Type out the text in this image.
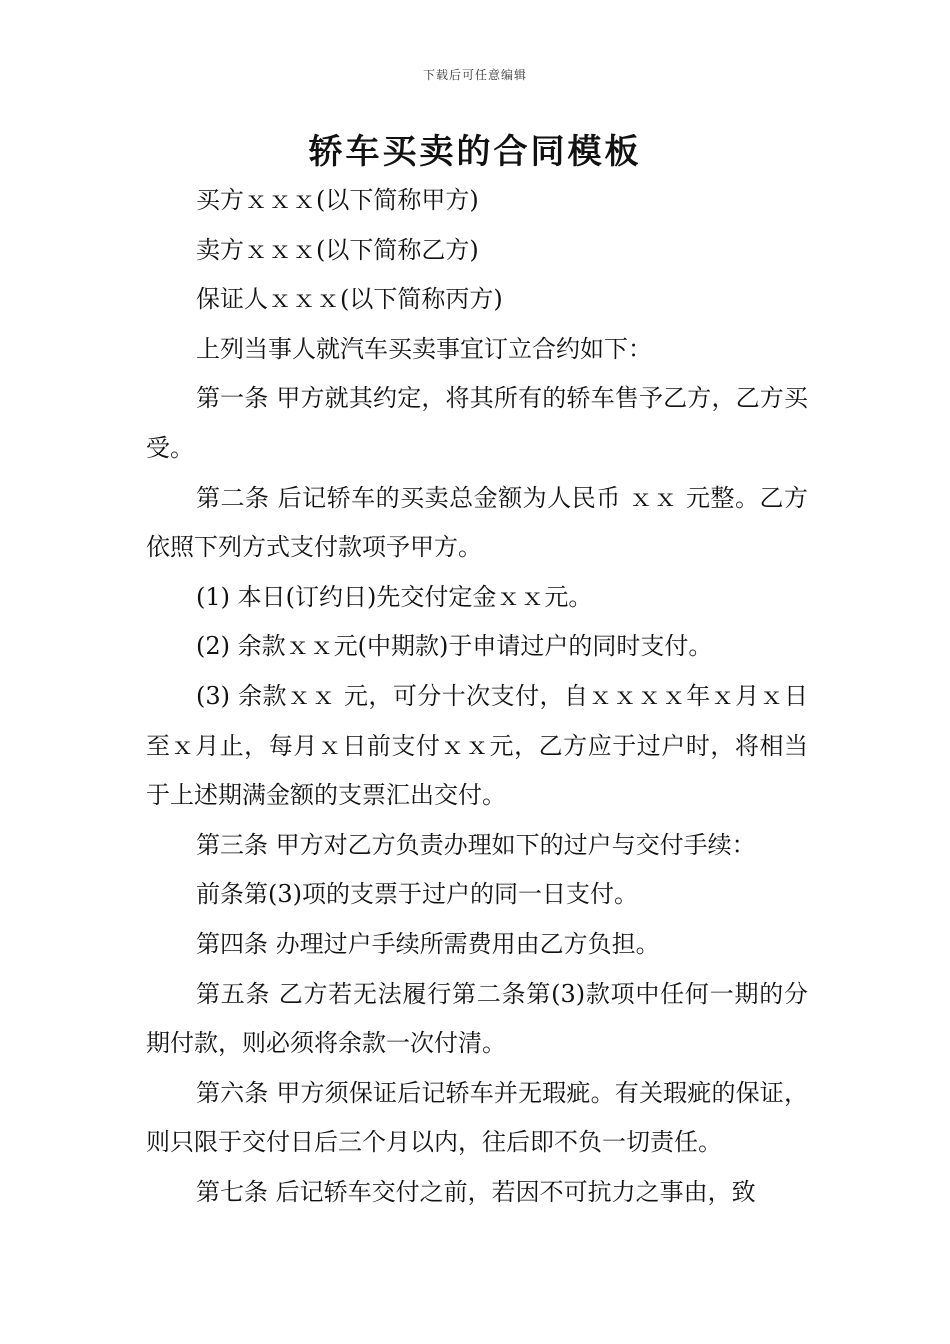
下载后可任意编辑
轿车买卖的合同模板

买方ｘｘｘ(以下简称甲方)

卖方ｘｘｘ(以下简称乙方)

保证人ｘｘｘ(以下简称丙方)

上列当事人就汽车买卖事宜订立合约如下：

第一条 甲方就其约定，将其所有的轿车售予乙方，乙方买受。

第二条 后记轿车的买卖总金额为人民币 ｘｘ 元整。乙方依照下列方式支付款项予甲方。

(1) 本日(订约日)先交付定金ｘｘ元。

(2) 余款ｘｘ元(中期款)于申请过户的同时支付。

(3) 余款ｘｘ 元，可分十次支付，自ｘｘｘｘ年ｘ月ｘ日至ｘ月止，每月ｘ日前支付ｘｘ元，乙方应于过户时，将相当于上述期满金额的支票汇出交付。

第三条 甲方对乙方负责办理如下的过户与交付手续：

前条第(3)项的支票于过户的同一日支付。

第四条 办理过户手续所需费用由乙方负担。

第五条 乙方若无法履行第二条第(3)款项中任何一期的分期付款，则必须将余款一次付清。

第六条 甲方须保证后记轿车并无瑕疵。有关瑕疵的保证，则只限于交付日后三个月以内，往后即不负一切责任。

第七条 后记轿车交付之前，若因不可抗力之事由，致
